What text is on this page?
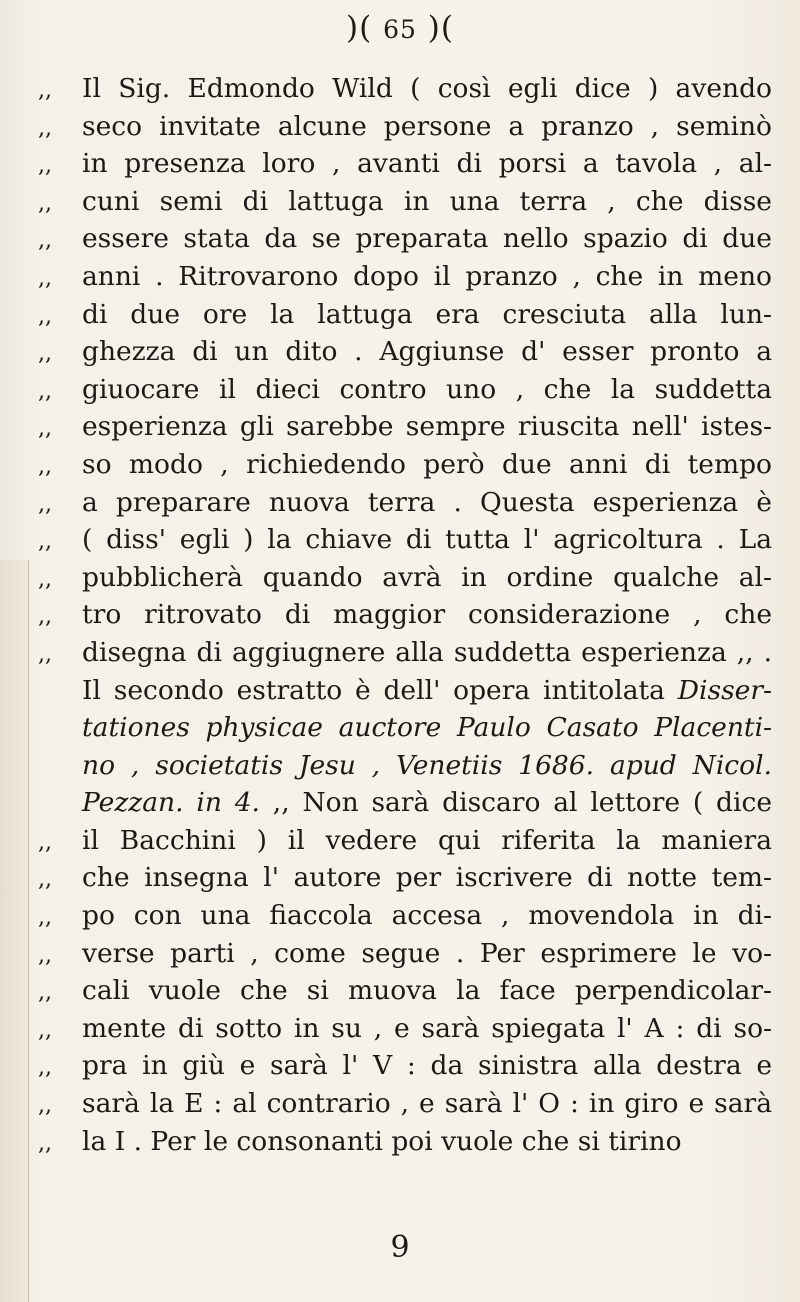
)( 65 )(
,, Il Sig. Edmondo Wild ( così egli dice ) avendo
,, seco invitate alcune persone a pranzo , seminò
,, in presenza loro , avanti di porsi a tavola , al-
,, cuni semi di lattuga in una terra , che disse
,, essere stata da se preparata nello spazio di due
,, anni . Ritrovarono dopo il pranzo , che in meno
,, di due ore la lattuga era cresciuta alla lun-
,, ghezza di un dito . Aggiunse d' esser pronto a
,, giuocare il dieci contro uno , che la suddetta
,, esperienza gli sarebbe sempre riuscita nell' istes-
,, so modo , richiedendo però due anni di tempo
,, a preparare nuova terra . Questa esperienza è
,, ( diss' egli ) la chiave di tutta l' agricoltura . La
,, pubblicherà quando avrà in ordine qualche al-
,, tro ritrovato di maggior considerazione , che
,, disegna di aggiugnere alla suddetta esperienza ,, .
Il secondo estratto è dell' opera intitolata Disser-
tationes physicae auctore Paulo Casato Placenti-
no , societatis Jesu , Venetiis 1686. apud Nicol.
Pezzan. in 4. ,, Non sarà discaro al lettore ( dice
,, il Bacchini ) il vedere qui riferita la maniera
,, che insegna l' autore per iscrivere di notte tem-
,, po con una fiaccola accesa , movendola in di-
,, verse parti , come segue . Per esprimere le vo-
,, cali vuole che si muova la face perpendicolar-
,, mente di sotto in su , e sarà spiegata l' A : di so-
,, pra in giù e sarà l' V : da sinistra alla destra e
,, sarà la E : al contrario , e sarà l' O : in giro e sarà
,, la I . Per le consonanti poi vuole che si tirino
9
